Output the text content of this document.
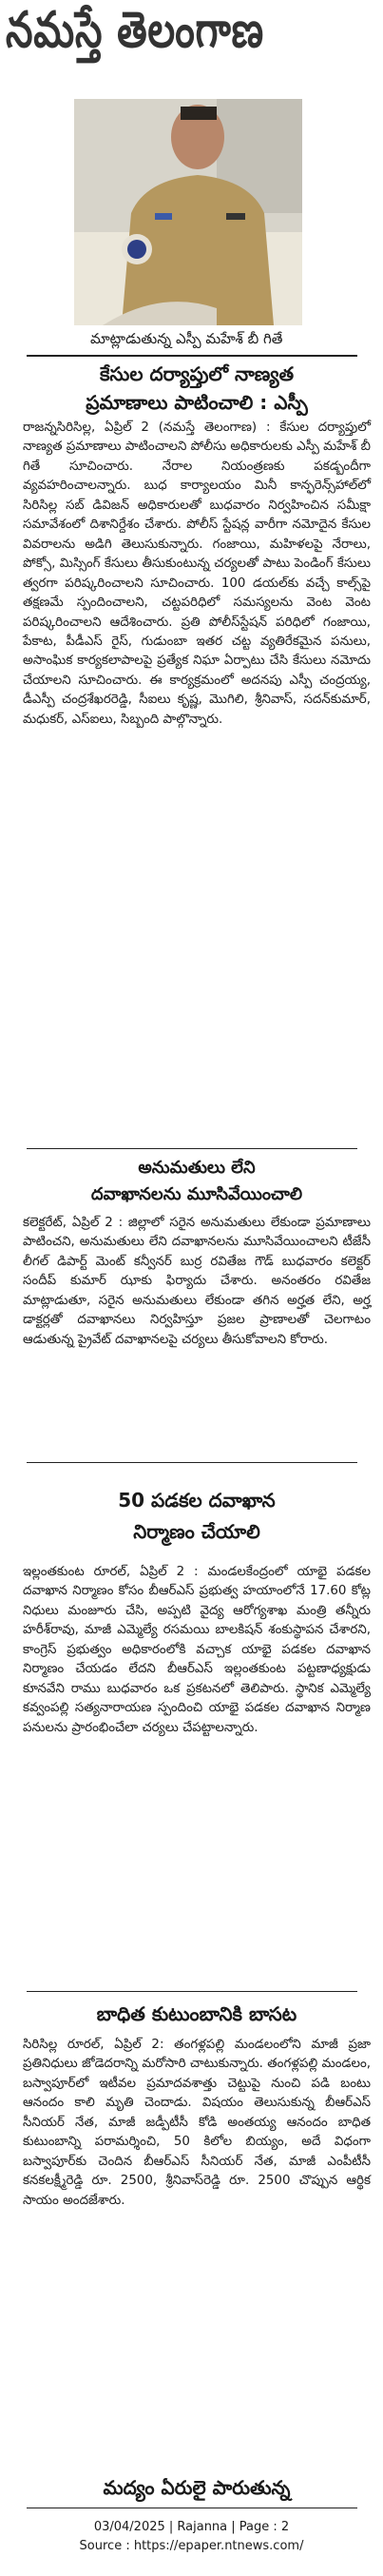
నమస్తే తెలంగాణ
మాట్లాడుతున్న ఎస్పీ మహేశ్ బీ గితే
కేసుల దర్యాప్తులో నాణ్యత
ప్రమాణాలు పాటించాలి : ఎస్పీ
రాజన్నసిరిసిల్ల, ఏప్రిల్ 2 (నమస్తే తెలంగాణ) : కేసుల దర్యాప్తులో నాణ్యత ప్రమాణాలు పాటించాలని పోలీసు అధికారులకు ఎస్పీ మహేశ్ బీ గితే సూచించారు. నేరాల నియంత్రణకు పకడ్బందీగా వ్యవహరించాలన్నారు. బుధ కార్యాలయం మినీ కాన్ఫరెన్స్‌హాల్‌లో సిరిసిల్ల సబ్ డివిజన్ అధికారులతో బుధవారం నిర్వహించిన సమీక్షా సమావేశంలో దిశానిర్దేశం చేశారు. పోలీస్ స్టేషన్ల వారీగా నమోదైన కేసుల వివరాలను అడిగి తెలుసుకున్నారు. గంజాయి, మహిళలపై నేరాలు, పోక్సో, మిస్సింగ్ కేసులు తీసుకుంటున్న చర్యలతో పాటు పెండింగ్ కేసులు త్వరగా పరిష్కరించాలని సూచించారు. 100 డయల్‌కు వచ్చే కాల్స్‌పై తక్షణమే స్పందించాలని, చట్టపరిధిలో సమస్యలను వెంట వెంట పరిష్కరించాలని ఆదేశించారు. ప్రతి పోలీస్‌స్టేషన్ పరిధిలో గంజాయి, పేకాట, పీడీఎస్ రైస్, గుడుంబా ఇతర చట్ట వ్యతిరేకమైన పనులు, అసాంఘిక కార్యకలాపాలపై ప్రత్యేక నిఘా ఏర్పాటు చేసి కేసులు నమోదు చేయాలని సూచించారు. ఈ కార్యక్రమంలో అదనపు ఎస్పీ చంద్రయ్య, డీఎస్పీ చంద్రశేఖరరెడ్డి, సీఐలు కృష్ణ, మొగిలి, శ్రీనివాస్, సదన్‌కుమార్, మధుకర్, ఎస్ఐలు, సిబ్బంది పాల్గొన్నారు.
అనుమతులు లేని
దవాఖానలను మూసివేయించాలి
కలెక్టరేట్, ఏప్రిల్ 2 : జిల్లాలో సరైన అనుమతులు లేకుండా ప్రమాణాలు పాటించని, అనుమతులు లేని దవాఖానలను మూసివేయించాలని టీజేసీ లీగల్ డిపార్ట్ మెంట్ కన్వీనర్ బుర్ర రవితేజ గౌడ్ బుధవారం కలెక్టర్ సందీప్ కుమార్ ఝాకు ఫిర్యాదు చేశారు. అనంతరం రవితేజ మాట్లాడుతూ, సరైన అనుమతులు లేకుండా తగిన అర్హత లేని, అర్హ డాక్టర్లతో దవాఖానలు నిర్వహిస్తూ ప్రజల ప్రాణాలతో చెలగాటం ఆడుతున్న ప్రైవేట్ దవాఖానలపై చర్యలు తీసుకోవాలని కోరారు.
50 పడకల దవాఖాన
నిర్మాణం చేయాలి
ఇల్లంతకుంట రూరల్, ఏప్రిల్ 2 : మండలకేంద్రంలో యాభై పడకల దవాఖాన నిర్మాణం కోసం బీఆర్ఎస్ ప్రభుత్వ హయాంలోనే 17.60 కోట్ల నిధులు మంజూరు చేసి, అప్పటి వైద్య ఆరోగ్యశాఖ మంత్రి తన్నీరు హరీశ్‌రావు, మాజీ ఎమ్మెల్యే రసమయి బాలకిషన్ శంకుస్థాపన చేశారని, కాంగ్రెస్ ప్రభుత్వం అధికారంలోకి వచ్చాక యాభై పడకల దవాఖాన నిర్మాణం చేయడం లేదని బీఆర్ఎస్ ఇల్లంతకుంట పట్టణాధ్యక్షుడు కూనవేని రాము బుధవారం ఒక ప్రకటనలో తెలిపారు. స్థానిక ఎమ్మెల్యే కవ్వంపల్లి సత్యనారాయణ స్పందించి యాభై పడకల దవాఖాన నిర్మాణ పనులను ప్రారంభించేలా చర్యలు చేపట్టాలన్నారు.
బాధిత కుటుంబానికి బాసట
సిరిసిల్ల రూరల్, ఏప్రిల్ 2: తంగళ్లపల్లి మండలంలోని మాజీ ప్రజా ప్రతినిధులు జోడెదరాన్ని మరోసారి చాటుకున్నారు. తంగళ్లపల్లి మండలం, బస్వాపూర్‌లో ఇటీవల ప్రమాదవశాత్తు చెట్టుపై నుంచి పడి బంటు ఆనందం కాలి మృతి చెందాడు. విషయం తెలుసుకున్న బీఆర్ఎస్ సీనియర్ నేత, మాజీ జడ్పీటీసీ కోడి అంతయ్య ఆనందం బాధిత కుటుంబాన్ని పరామర్శించి, 50 కిలోల బియ్యం, అదే విధంగా బస్వాపూర్‌కు చెందిన బీఆర్ఎస్ సీనియర్ నేత, మాజీ ఎంపీటీసీ కనకలక్ష్మీరెడ్డి రూ. 2500, శ్రీనివాస్‌రెడ్డి రూ. 2500 చొప్పున ఆర్థిక సాయం అందజేశారు.
మద్యం ఏరులై పారుతున్న
03/04/2025 | Rajanna | Page : 2
Source : https://epaper.ntnews.com/
